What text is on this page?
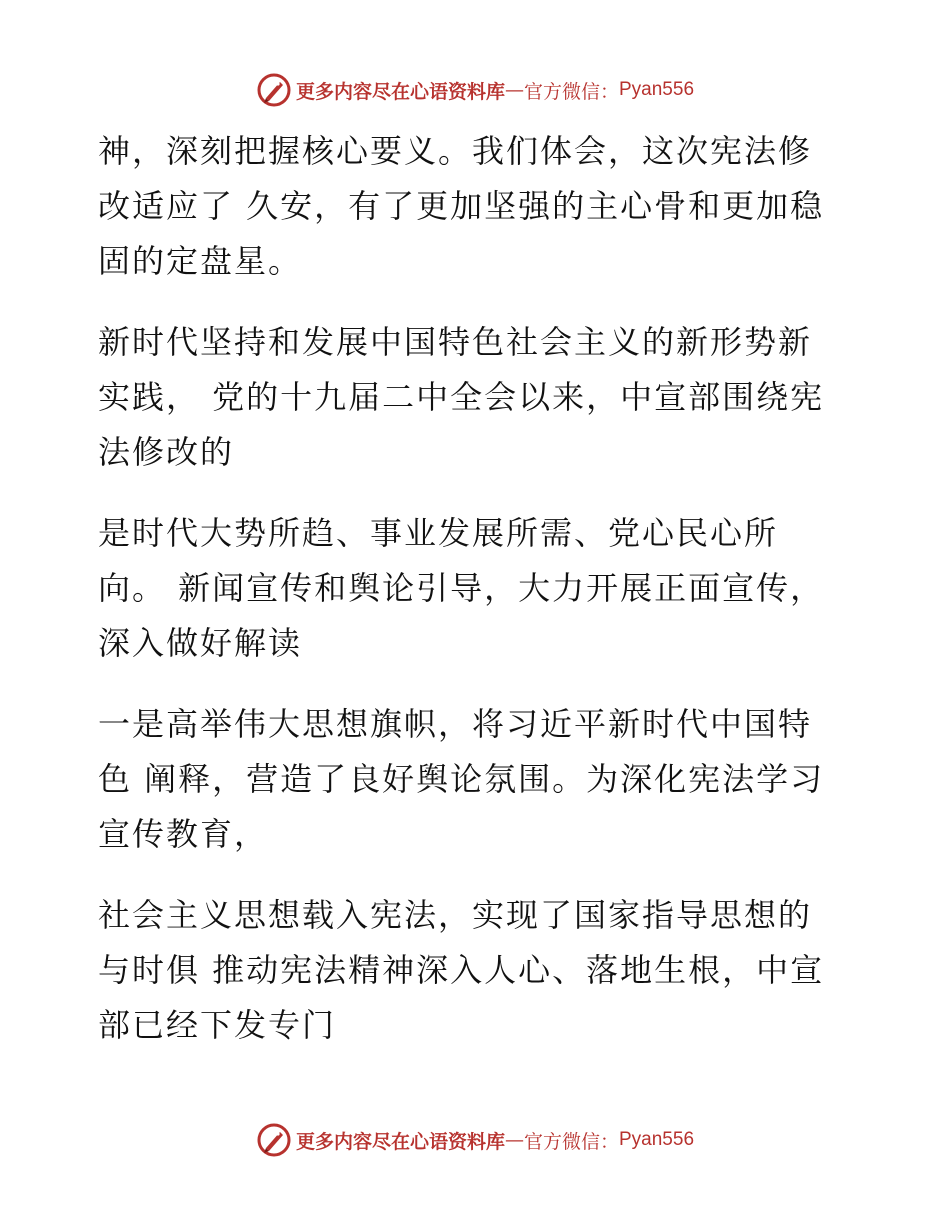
更多内容尽在心语资料库 — 官方微信： Pyan556
神，深刻把握核心要义。我们体会，这次宪法修
改适应了 久安，有了更加坚强的主心骨和更加稳
固的定盘星。
新时代坚持和发展中国特色社会主义的新形势新
实践， 党的十九届二中全会以来，中宣部围绕宪
法修改的
是时代大势所趋、事业发展所需、党心民心所
向。 新闻宣传和舆论引导，大力开展正面宣传，
深入做好解读
一是高举伟大思想旗帜，将习近平新时代中国特
色 阐释，营造了良好舆论氛围。为深化宪法学习
宣传教育，
社会主义思想载入宪法，实现了国家指导思想的
与时俱 推动宪法精神深入人心、落地生根，中宣
部已经下发专门
更多内容尽在心语资料库 — 官方微信： Pyan556
